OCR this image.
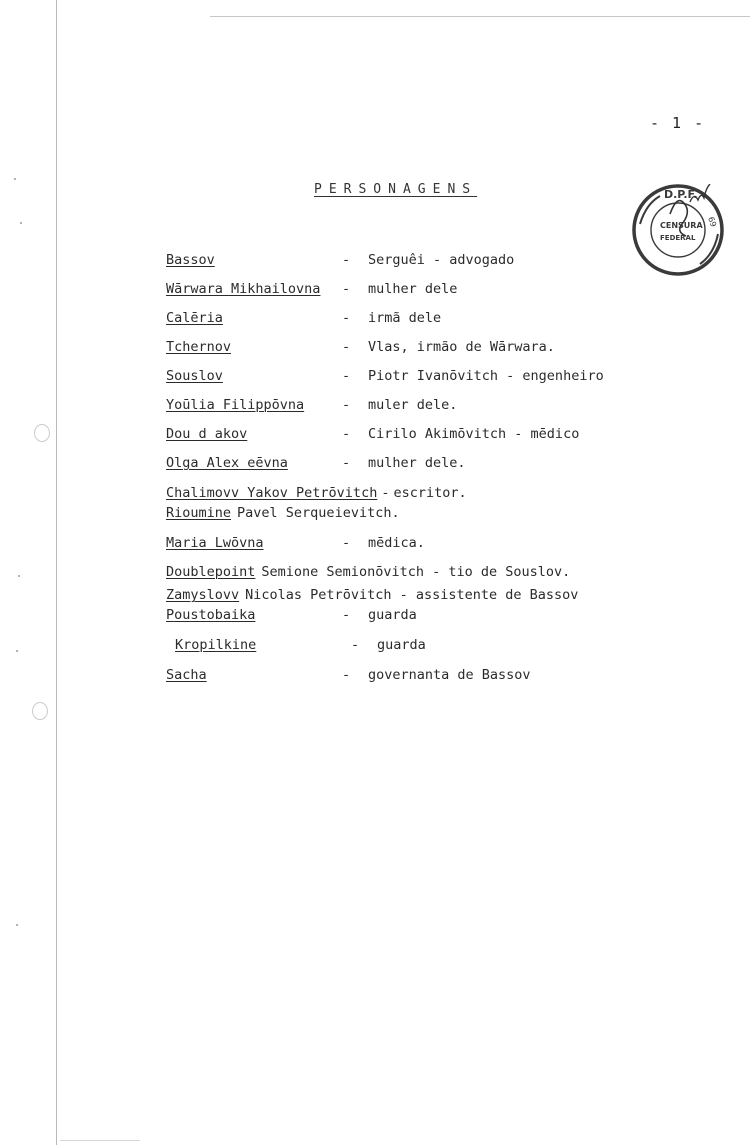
- 1 -
PERSONAGENS	D.P.F.
CENSURA
FEDERAL
69
Bassov	- Serguêi - advogado
Wārwara Mikhailovna - mulher dele
Calēria	- irmã dele
Tchernov	- Vlas, irmão de Wārwara.
Souslov	- Piotr Ivanōvitch - engenheiro
Yoūlia Filippōvna	- muler dele.
Dou d akov	- Cirilo Akimōvitch - mēdico
Olga Alex eēvna	- mulher dele.
Chalimovv Yakov Petrōvitch - escritor.
Rioumine Pavel Serqueievitch.
Maria Lwōvna	- mēdica.
Doublepoint Semione Semionōvitch - tio de Souslov.
Zamyslovv Nicolas Petrōvitch - assistente de Bassov
Poustobaika	- guarda
Kropilkine	- guarda
Sacha	- governanta de Bassov
